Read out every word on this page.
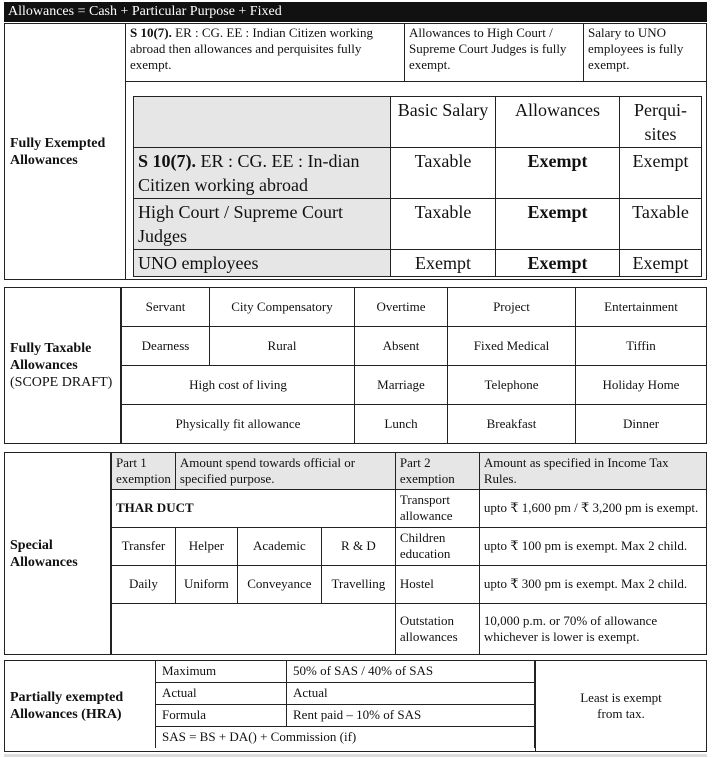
Allowances = Cash + Particular Purpose + Fixed
Fully Exempted Allowances
S 10(7). ER : CG. EE : Indian Citizen working abroad then allowances and perquisites fully exempt.	Allowances to High Court / Supreme Court Judges is fully exempt.	Salary to UNO employees is fully exempt.
	Basic Salary	Allowances	Perqui-sites
S 10(7). ER : CG. EE : In-dian Citizen working abroad	Taxable	Exempt	Exempt
High Court / Supreme Court Judges	Taxable	Exempt	Taxable
UNO employees	Exempt	Exempt	Exempt
Fully Taxable Allowances
(SCOPE DRAFT)
Servant	City Compensatory	Overtime	Project	Entertainment
Dearness	Rural	Absent	Fixed Medical	Tiffin
High cost of living		Marriage	Telephone	Holiday Home
Physically fit allowance		Lunch	Breakfast	Dinner
Special Allowances
Part 1 exemption	Amount spend towards official or specified purpose.			Part 2 exemption	Amount as specified in Income Tax Rules.
THAR DUCT				Transport allowance	upto ₹ 1,600 pm / ₹ 3,200 pm is exempt.
Transfer	Helper	Academic	R & D	Children education	upto ₹ 100 pm is exempt. Max 2 child.
Daily	Uniform	Conveyance	Travelling	Hostel	upto ₹ 300 pm is exempt. Max 2 child.
				Outstation allowances	10,000 p.m. or 70% of allowance whichever is lower is exempt.
Partially exempted Allowances (HRA)
Maximum	50% of SAS / 40% of SAS
Actual	Actual
Formula	Rent paid – 10% of SAS
SAS = BS + DA() + Commission (if)	
Least is exempt from tax.
